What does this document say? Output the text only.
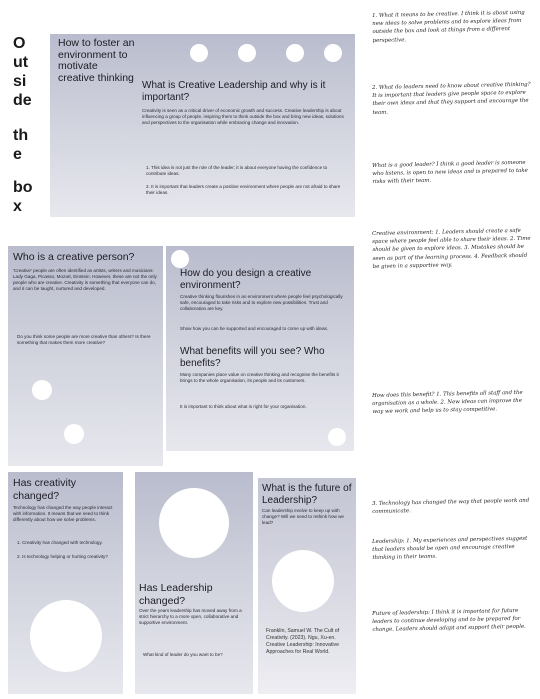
O
ut
si
de
th
e
bo
x
How to foster an environment to motivate creative thinking
What is Creative Leadership and why is it important?
Creativity is seen as a critical driver of economic growth and success. Creative leadership is about influencing a group of people, inspiring them to think outside the box and bring new ideas, solutions and perspectives to the organisation while embracing change and innovation.
1. This idea is not just the role of the leader; it is about everyone having the confidence to contribute ideas.
2. It is important that leaders create a positive environment where people are not afraid to share their ideas.
Who is a creative person?
'Creative' people are often identified as artists, writers and musicians: Lady Gaga, Picasso, Mozart, Einstein. However, these are not the only people who are creative. Creativity is something that everyone can do, and it can be taught, nurtured and developed.
Do you think some people are more creative than others? Is there something that makes them more creative?
How do you design a creative environment?
Creative thinking flourishes in an environment where people feel psychologically safe, encouraged to take risks and to explore new possibilities. Trust and collaboration are key.
Show how you can be supported and encouraged to come up with ideas.
What benefits will you see? Who benefits?
Many companies place value on creative thinking and recognise the benefits it brings to the whole organisation, its people and its customers.
It is important to think about what is right for your organisation.
Has creativity changed?
Technology has changed the way people interact with information. It means that we need to think differently about how we solve problems.
1. Creativity has changed with technology.
2. Is technology helping or hurting creativity?
Has Leadership changed?
Over the years leadership has moved away from a strict hierarchy to a more open, collaborative and supportive environment.
What kind of leader do you want to be?
What is the future of Leadership?
Can leadership evolve to keep up with change? Will we need to rethink how we lead?
Franklin, Samuel W. The Cult of Creativity. (2023). Ngu, Xu-en. Creative Leadership: Innovative Approaches for Real World.
1. What it means to be creative. I think it is about using new ideas to solve problems and to explore ideas from outside the box and look at things from a different perspective.
2. What do leaders need to know about creative thinking? It is important that leaders give people space to explore their own ideas and that they support and encourage the team.
What is a good leader? I think a good leader is someone who listens, is open to new ideas and is prepared to take risks with their team.
Creative environment: 1. Leaders should create a safe space where people feel able to share their ideas. 2. Time should be given to explore ideas. 3. Mistakes should be seen as part of the learning process. 4. Feedback should be given in a supportive way.
How does this benefit? 1. This benefits all staff and the organisation as a whole. 2. New ideas can improve the way we work and help us to stay competitive.
3. Technology has changed the way that people work and communicate.
Leadership: 1. My experiences and perspectives suggest that leaders should be open and encourage creative thinking in their teams.
Future of leadership: I think it is important for future leaders to continue developing and to be prepared for change. Leaders should adapt and support their people.
